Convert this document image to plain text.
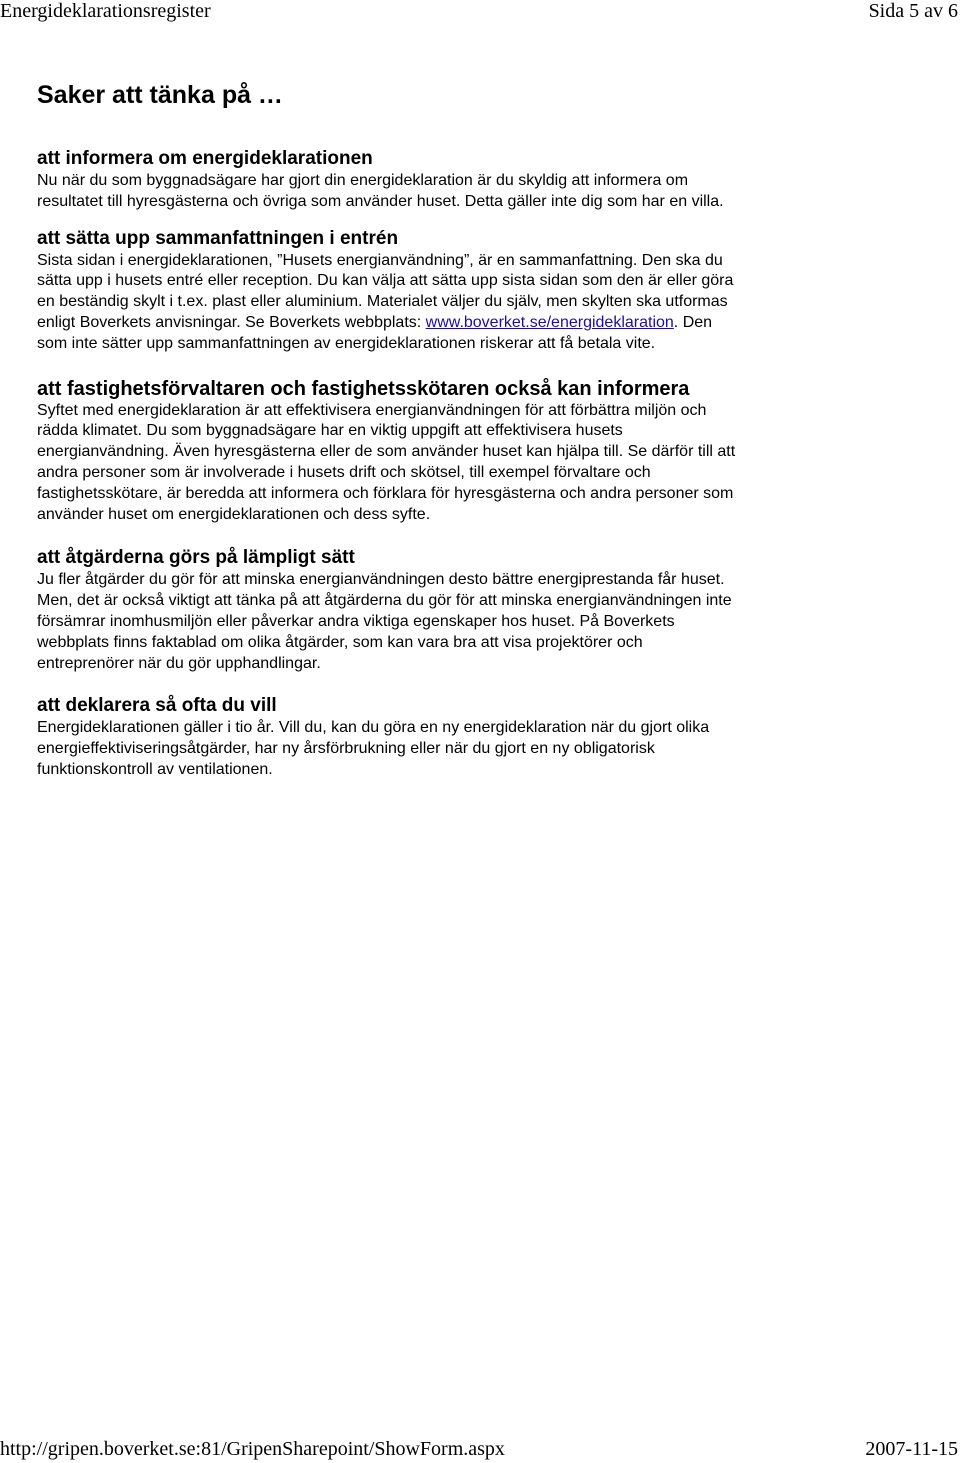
Energideklarationsregister	Sida 5 av 6
Saker att tänka på …
att informera om energideklarationen

Nu när du som byggnadsägare har gjort din energideklaration är du skyldig att informera om resultatet till hyresgästerna och övriga som använder huset. Detta gäller inte dig som har en villa.

att sätta upp sammanfattningen i entrén

Sista sidan i energideklarationen, ”Husets energianvändning”, är en sammanfattning. Den ska du sätta upp i husets entré eller reception. Du kan välja att sätta upp sista sidan som den är eller göra en beständig skylt i t.ex. plast eller aluminium. Materialet väljer du själv, men skylten ska utformas enligt Boverkets anvisningar. Se Boverkets webbplats: www.boverket.se/energideklaration. Den som inte sätter upp sammanfattningen av energideklarationen riskerar att få betala vite.

att fastighetsförvaltaren och fastighetsskötaren också kan informera

Syftet med energideklaration är att effektivisera energianvändningen för att förbättra miljön och rädda klimatet. Du som byggnadsägare har en viktig uppgift att effektivisera husets energianvändning. Även hyresgästerna eller de som använder huset kan hjälpa till. Se därför till att andra personer som är involverade i husets drift och skötsel, till exempel förvaltare och fastighetsskötare, är beredda att informera och förklara för hyresgästerna och andra personer som använder huset om energideklarationen och dess syfte.

att åtgärderna görs på lämpligt sätt

Ju fler åtgärder du gör för att minska energianvändningen desto bättre energiprestanda får huset. Men, det är också viktigt att tänka på att åtgärderna du gör för att minska energianvändningen inte försämrar inomhusmiljön eller påverkar andra viktiga egenskaper hos huset. På Boverkets webbplats finns faktablad om olika åtgärder, som kan vara bra att visa projektörer och entreprenörer när du gör upphandlingar.

att deklarera så ofta du vill

Energideklarationen gäller i tio år. Vill du, kan du göra en ny energideklaration när du gjort olika energieffektiviseringsåtgärder, har ny årsförbrukning eller när du gjort en ny obligatorisk funktionskontroll av ventilationen.

http://gripen.boverket.se:81/GripenSharepoint/ShowForm.aspx	2007-11-15
